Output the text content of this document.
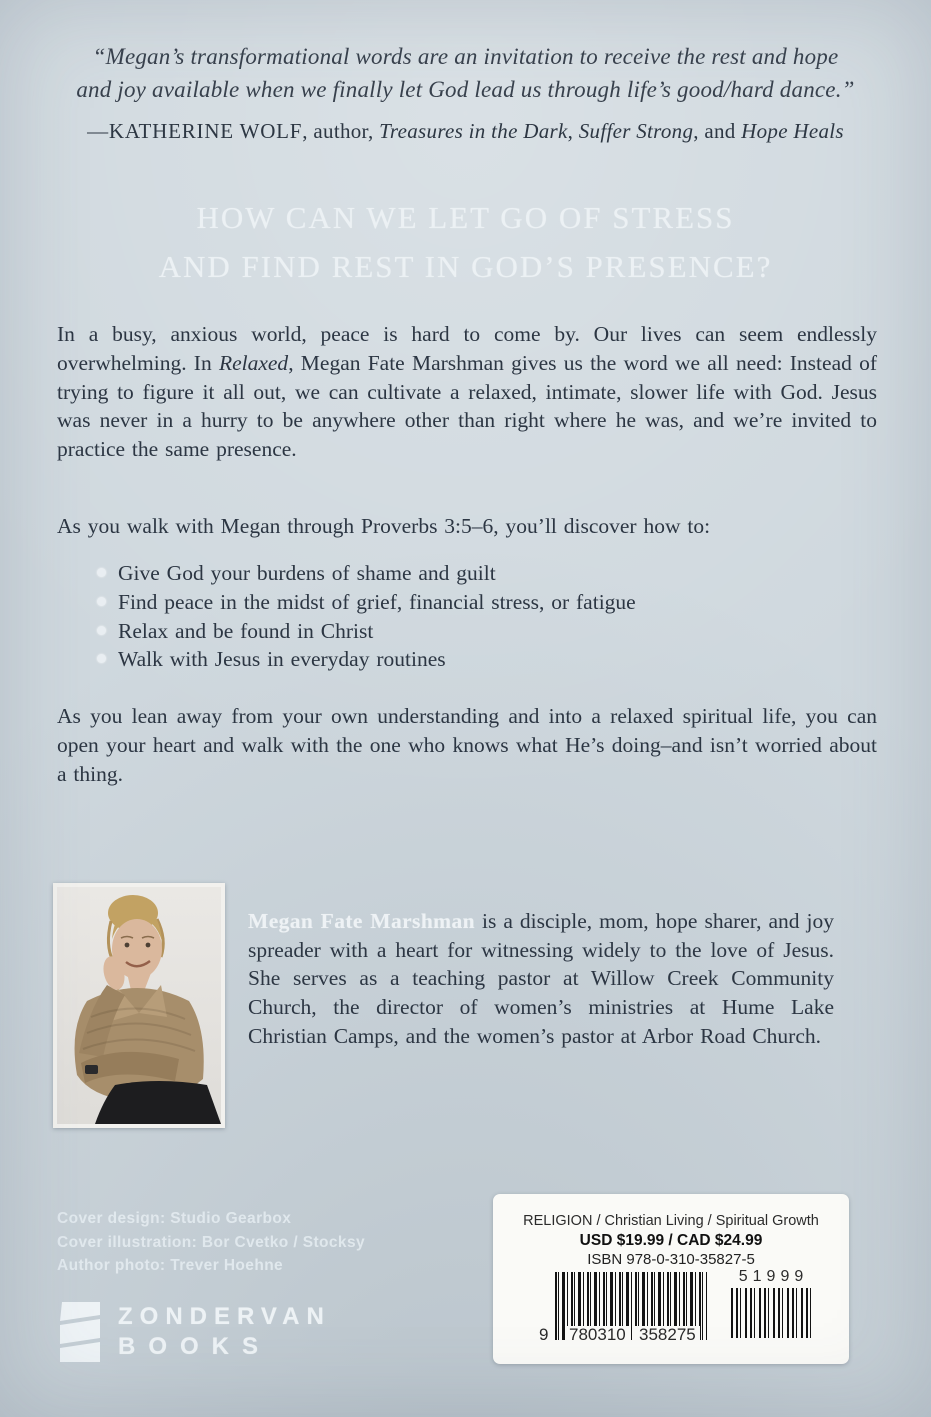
“Megan’s transformational words are an invitation to receive the rest and hope
and joy available when we finally let God lead us through life’s good/hard dance.”

—KATHERINE WOLF, author, Treasures in the Dark, Suffer Strong, and Hope Heals

HOW CAN WE LET GO OF STRESS
AND FIND REST IN GOD’S PRESENCE?

In a busy, anxious world, peace is hard to come by. Our lives can seem endlessly overwhelming. In Relaxed, Megan Fate Marshman gives us the word we all need: Instead of trying to figure it all out, we can cultivate a relaxed, intimate, slower life with God. Jesus was never in a hurry to be anywhere other than right where he was, and we’re invited to practice the same presence.

As you walk with Megan through Proverbs 3:5–6, you’ll discover how to:

Give God your burdens of shame and guilt
Find peace in the midst of grief, financial stress, or fatigue
Relax and be found in Christ
Walk with Jesus in everyday routines

As you lean away from your own understanding and into a relaxed spiritual life, you can open your heart and walk with the one who knows what He’s doing–and isn’t worried about a thing.

Megan Fate Marshman is a disciple, mom, hope sharer, and joy spreader with a heart for witnessing widely to the love of Jesus. She serves as a teaching pastor at Willow Creek Community Church, the director of women’s ministries at Hume Lake Christian Camps, and the women’s pastor at Arbor Road Church.

Cover design: Studio Gearbox
Cover illustration: Bor Cvetko / Stocksy
Author photo: Trever Hoehne
ZONDERVAN
BOOKS
RELIGION / Christian Living / Spiritual Growth
USD $19.99 / CAD $24.99
ISBN 978-0-310-35827-5
9 780310 358275
51999
